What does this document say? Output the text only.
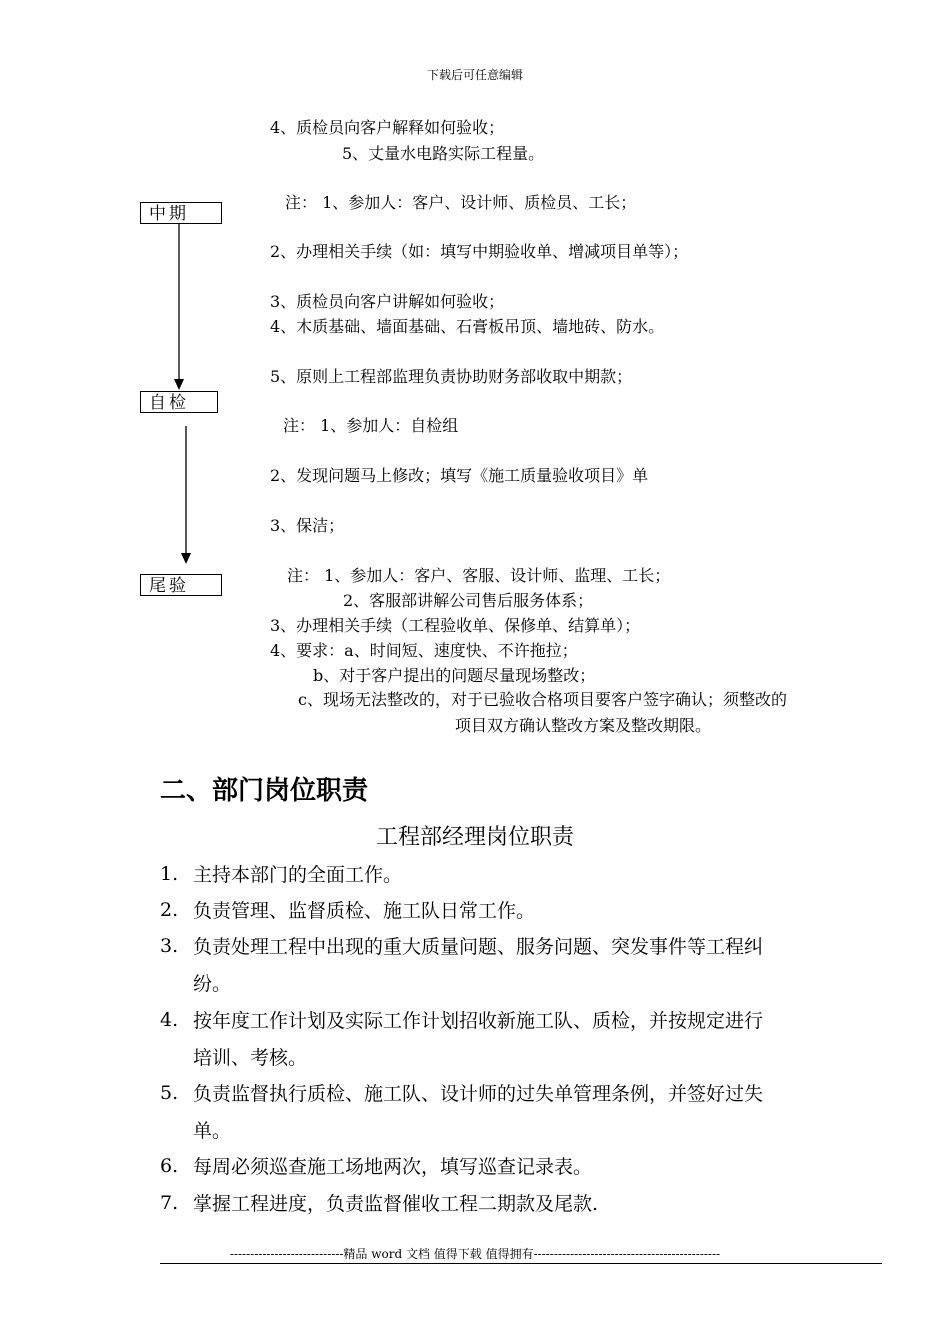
下载后可任意编辑
中期
自检
尾验
4、质检员向客户解释如何验收；
5、丈量水电路实际工程量。
注： 1、参加人：客户、设计师、质检员、工长；
2、办理相关手续（如：填写中期验收单、增减项目单等）；
3、质检员向客户讲解如何验收；
4、木质基础、墙面基础、石膏板吊顶、墙地砖、防水。
5、原则上工程部监理负责协助财务部收取中期款；
注： 1、参加人：自检组
2、发现问题马上修改；填写《施工质量验收项目》单
3、保洁；
注： 1、参加人：客户、客服、设计师、监理、工长；
2、客服部讲解公司售后服务体系；
3、办理相关手续（工程验收单、保修单、结算单）；
4、要求：a、时间短、速度快、不许拖拉；
b、对于客户提出的问题尽量现场整改；
c、现场无法整改的，对于已验收合格项目要客户签字确认；须整改的
项目双方确认整改方案及整改期限。
二、部门岗位职责
工程部经理岗位职责
1. 主持本部门的全面工作。
2. 负责管理、监督质检、施工队日常工作。
3. 负责处理工程中出现的重大质量问题、服务问题、突发事件等工程纠
纷。
4. 按年度工作计划及实际工作计划招收新施工队、质检，并按规定进行
培训、考核。
5. 负责监督执行质检、施工队、设计师的过失单管理条例，并签好过失
单。
6. 每周必须巡查施工场地两次，填写巡查记录表。
7. 掌握工程进度，负责监督催收工程二期款及尾款.
----------------------------精品 word 文档 值得下载 值得拥有----------------------------------------------
